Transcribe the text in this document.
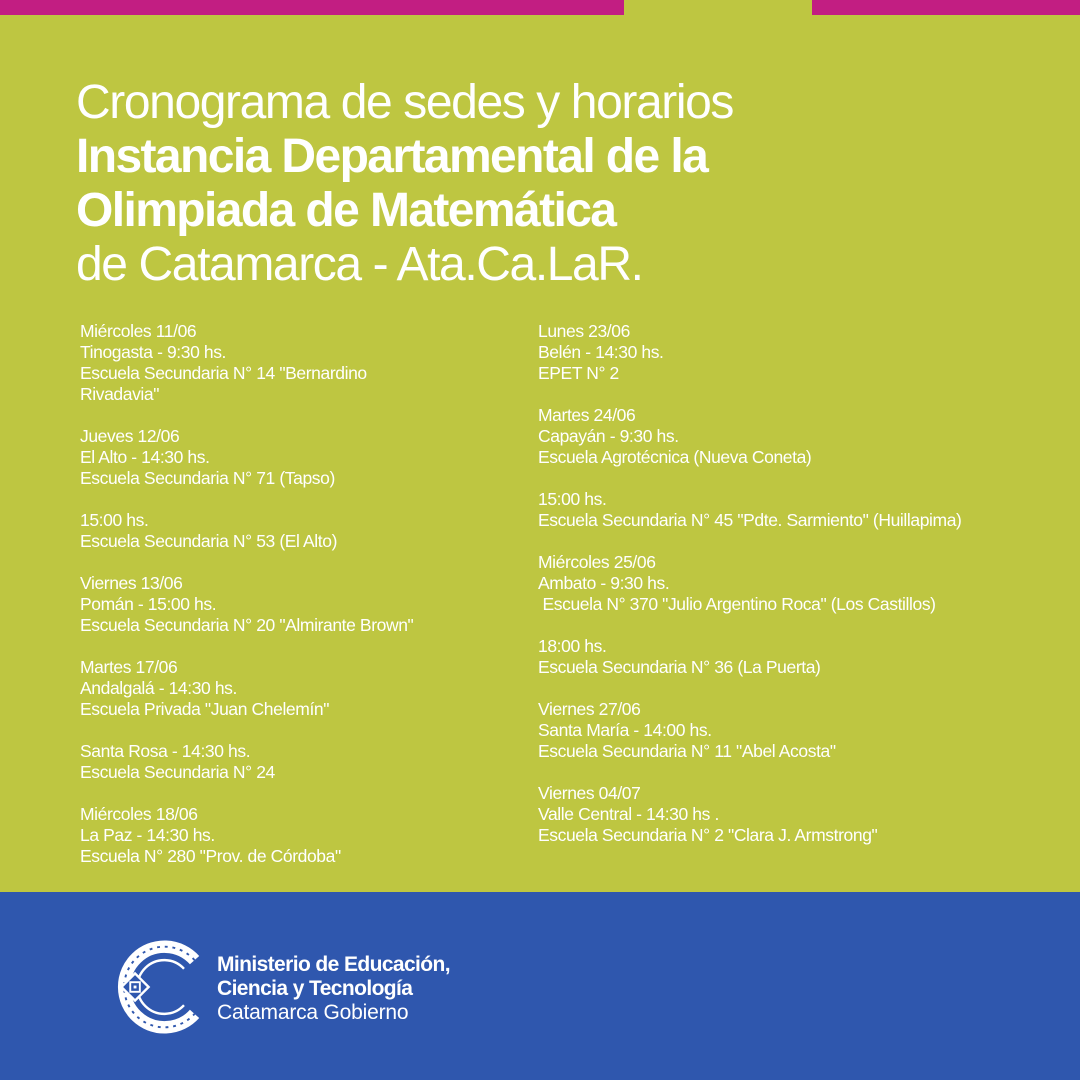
Cronograma de sedes y horarios
Instancia Departamental de la
Olimpiada de Matemática
de Catamarca - Ata.Ca.LaR.
Miércoles 11/06
Tinogasta - 9:30 hs.
Escuela Secundaria N° 14 "Bernardino
Rivadavia"
Jueves 12/06
El Alto - 14:30 hs.
Escuela Secundaria N° 71 (Tapso)
15:00 hs.
Escuela Secundaria N° 53 (El Alto)
Viernes 13/06
Pomán - 15:00 hs.
Escuela Secundaria N° 20 "Almirante Brown"
Martes 17/06
Andalgalá - 14:30 hs.
Escuela Privada "Juan Chelemín"
Santa Rosa - 14:30 hs.
Escuela Secundaria N° 24
Miércoles 18/06
La Paz - 14:30 hs.
Escuela N° 280 "Prov. de Córdoba"
Lunes 23/06
Belén - 14:30 hs.
EPET N° 2
Martes 24/06
Capayán - 9:30 hs.
Escuela Agrotécnica (Nueva Coneta)
15:00 hs.
Escuela Secundaria N° 45 "Pdte. Sarmiento" (Huillapima)
Miércoles 25/06
Ambato - 9:30 hs.
Escuela N° 370 "Julio Argentino Roca" (Los Castillos)
18:00 hs.
Escuela Secundaria N° 36 (La Puerta)
Viernes 27/06
Santa María - 14:00 hs.
Escuela Secundaria N° 11 "Abel Acosta"
Viernes 04/07
Valle Central - 14:30 hs .
Escuela Secundaria N° 2 "Clara J. Armstrong"
Ministerio de Educación,
Ciencia y Tecnología
Catamarca Gobierno
